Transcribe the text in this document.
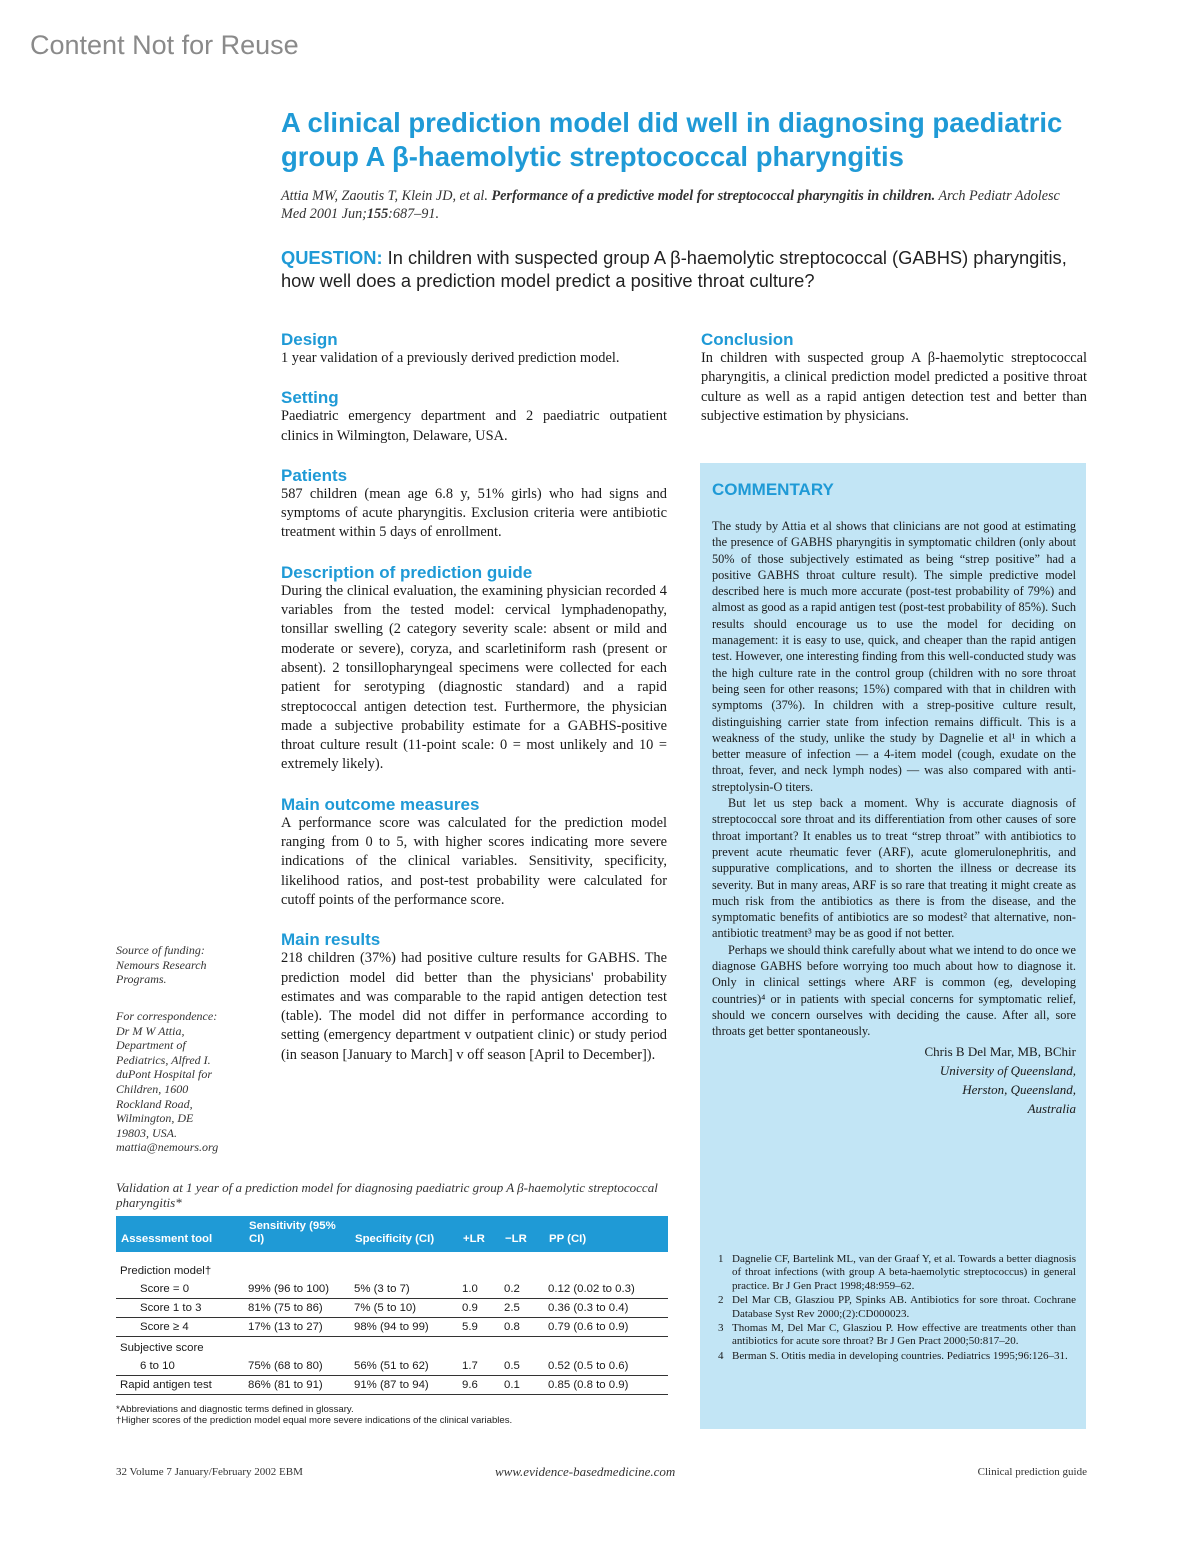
Content Not for Reuse
A clinical prediction model did well in diagnosing paediatric group A β-haemolytic streptococcal pharyngitis
Attia MW, Zaoutis T, Klein JD, et al. Performance of a predictive model for streptococcal pharyngitis in children. Arch Pediatr Adolesc Med 2001 Jun;155:687–91.
QUESTION: In children with suspected group A β-haemolytic streptococcal (GABHS) pharyngitis, how well does a prediction model predict a positive throat culture?
Design

1 year validation of a previously derived prediction model.

Setting

Paediatric emergency department and 2 paediatric outpatient clinics in Wilmington, Delaware, USA.

Patients

587 children (mean age 6.8 y, 51% girls) who had signs and symptoms of acute pharyngitis. Exclusion criteria were antibiotic treatment within 5 days of enrollment.

Description of prediction guide

During the clinical evaluation, the examining physician recorded 4 variables from the tested model: cervical lymphadenopathy, tonsillar swelling (2 category severity scale: absent or mild and moderate or severe), coryza, and scarletiniform rash (present or absent). 2 tonsillopharyngeal specimens were collected for each patient for serotyping (diagnostic standard) and a rapid streptococcal antigen detection test. Furthermore, the physician made a subjective probability estimate for a GABHS-positive throat culture result (11-point scale: 0 = most unlikely and 10 = extremely likely).

Main outcome measures

A performance score was calculated for the prediction model ranging from 0 to 5, with higher scores indicating more severe indications of the clinical variables. Sensitivity, specificity, likelihood ratios, and post-test probability were calculated for cutoff points of the performance score.

Main results

218 children (37%) had positive culture results for GABHS. The prediction model did better than the physicians' probability estimates and was comparable to the rapid antigen detection test (table). The model did not differ in performance according to setting (emergency department v outpatient clinic) or study period (in season [January to March] v off season [April to December]).

Source of funding: Nemours Research Programs.
For correspondence:
Dr M W Attia,
Department of
Pediatrics, Alfred I.
duPont Hospital for
Children, 1600
Rockland Road,
Wilmington, DE
19803, USA.
mattia@nemours.org
Conclusion

In children with suspected group A β-haemolytic streptococcal pharyngitis, a clinical prediction model predicted a positive throat culture as well as a rapid antigen detection test and better than subjective estimation by physicians.

COMMENTARY

The study by Attia et al shows that clinicians are not good at estimating the presence of GABHS pharyngitis in symptomatic children (only about 50% of those subjectively estimated as being “strep positive” had a positive GABHS throat culture result). The simple predictive model described here is much more accurate (post-test probability of 79%) and almost as good as a rapid antigen test (post-test probability of 85%). Such results should encourage us to use the model for deciding on management: it is easy to use, quick, and cheaper than the rapid antigen test. However, one interesting finding from this well-conducted study was the high culture rate in the control group (children with no sore throat being seen for other reasons; 15%) compared with that in children with symptoms (37%). In children with a strep-positive culture result, distinguishing carrier state from infection remains difficult. This is a weakness of the study, unlike the study by Dagnelie et al¹ in which a better measure of infection — a 4-item model (cough, exudate on the throat, fever, and neck lymph nodes) — was also compared with anti-streptolysin-O titers.

But let us step back a moment. Why is accurate diagnosis of streptococcal sore throat and its differentiation from other causes of sore throat important? It enables us to treat “strep throat” with antibiotics to prevent acute rheumatic fever (ARF), acute glomerulonephritis, and suppurative complications, and to shorten the illness or decrease its severity. But in many areas, ARF is so rare that treating it might create as much risk from the antibiotics as there is from the disease, and the symptomatic benefits of antibiotics are so modest² that alternative, non-antibiotic treatment³ may be as good if not better.

Perhaps we should think carefully about what we intend to do once we diagnose GABHS before worrying too much about how to diagnose it. Only in clinical settings where ARF is common (eg, developing countries)⁴ or in patients with special concerns for symptomatic relief, should we concern ourselves with deciding the cause. After all, sore throats get better spontaneously.

Chris B Del Mar, MB, BChir
University of Queensland,
Herston, Queensland,
Australia
1 Dagnelie CF, Bartelink ML, van der Graaf Y, et al. Towards a better diagnosis of throat infections (with group A beta-haemolytic streptococcus) in general practice. Br J Gen Pract 1998;48:959–62.
2 Del Mar CB, Glasziou PP, Spinks AB. Antibiotics for sore throat. Cochrane Database Syst Rev 2000;(2):CD000023.
3 Thomas M, Del Mar C, Glasziou P. How effective are treatments other than antibiotics for acute sore throat? Br J Gen Pract 2000;50:817–20.
4 Berman S. Otitis media in developing countries. Pediatrics 1995;96:126–31.
Validation at 1 year of a prediction model for diagnosing paediatric group A β-haemolytic streptococcal pharyngitis*
Assessment tool	Sensitivity (95% CI)	Specificity (CI)	+LR	−LR	PP (CI)
Prediction model†					
Score = 0	99% (96 to 100)	5% (3 to 7)	1.0	0.2	0.12 (0.02 to 0.3)
Score 1 to 3	81% (75 to 86)	7% (5 to 10)	0.9	2.5	0.36 (0.3 to 0.4)
Score ≥ 4	17% (13 to 27)	98% (94 to 99)	5.9	0.8	0.79 (0.6 to 0.9)
Subjective score					
6 to 10	75% (68 to 80)	56% (51 to 62)	1.7	0.5	0.52 (0.5 to 0.6)
Rapid antigen test	86% (81 to 91)	91% (87 to 94)	9.6	0.1	0.85 (0.8 to 0.9)
*Abbreviations and diagnostic terms defined in glossary.
†Higher scores of the prediction model equal more severe indications of the clinical variables.
32 Volume 7 January/February 2002 EBM	www.evidence-basedmedicine.com	Clinical prediction guide
